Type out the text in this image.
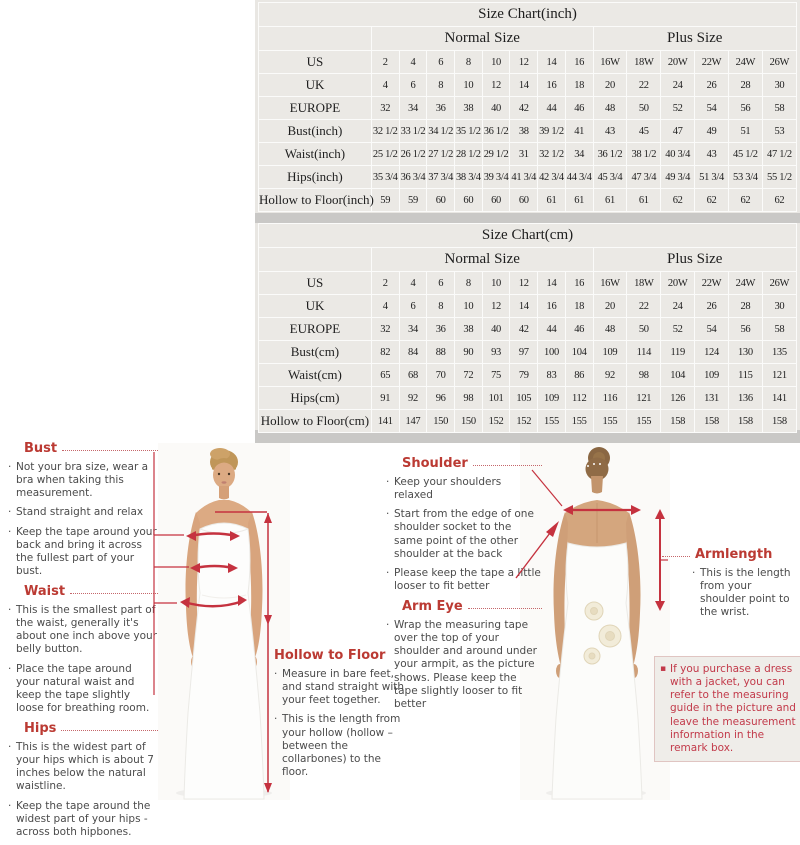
Size Chart(inch)														
	Normal Size								Plus Size					
US	2	4	6	8	10	12	14	16	16W	18W	20W	22W	24W	26W
UK	4	6	8	10	12	14	16	18	20	22	24	26	28	30
EUROPE	32	34	36	38	40	42	44	46	48	50	52	54	56	58
Bust(inch)	32 1/2	33 1/2	34 1/2	35 1/2	36 1/2	38	39 1/2	41	43	45	47	49	51	53
Waist(inch)	25 1/2	26 1/2	27 1/2	28 1/2	29 1/2	31	32 1/2	34	36 1/2	38 1/2	40 3/4	43	45 1/2	47 1/2
Hips(inch)	35 3/4	36 3/4	37 3/4	38 3/4	39 3/4	41 3/4	42 3/4	44 3/4	45 3/4	47 3/4	49 3/4	51 3/4	53 3/4	55 1/2
Hollow to Floor(inch)	59	59	60	60	60	60	61	61	61	61	62	62	62	62
Size Chart(cm)														
	Normal Size								Plus Size					
US	2	4	6	8	10	12	14	16	16W	18W	20W	22W	24W	26W
UK	4	6	8	10	12	14	16	18	20	22	24	26	28	30
EUROPE	32	34	36	38	40	42	44	46	48	50	52	54	56	58
Bust(cm)	82	84	88	90	93	97	100	104	109	114	119	124	130	135
Waist(cm)	65	68	70	72	75	79	83	86	92	98	104	109	115	121
Hips(cm)	91	92	96	98	101	105	109	112	116	121	126	131	136	141
Hollow to Floor(cm)	141	147	150	150	152	152	155	155	155	155	158	158	158	158
Bust
· Not your bra size, wear a bra when taking this measurement.
· Stand straight and relax
· Keep the tape around your back and bring it across the fullest part of your bust.
Waist
· This is the smallest part of the waist, generally it's about one inch above your belly button.
· Place the tape around your natural waist and keep the tape slightly loose for breathing room.
Hips
· This is the widest part of your hips which is about 7 inches below the natural waistline.
· Keep the tape around the widest part of your hips - across both hipbones.
Hollow to Floor
· Measure in bare feet, and stand straight with your feet together.
· This is the length from your hollow (hollow – between the collarbones) to the floor.
Shoulder
· Keep your shoulders relaxed
· Start from the edge of one shoulder socket to the same point of the other shoulder at the back
· Please keep the tape a little looser to fit better
Arm Eye
· Wrap the measuring tape over the top of your shoulder and around under your armpit, as the picture shows. Please keep the tape slightly looser to fit better
Armlength
· This is the length from your shoulder point to the wrist.
▪ If you purchase a dress with a jacket, you can refer to the measuring guide in the picture and leave the measurement information in the remark box.
